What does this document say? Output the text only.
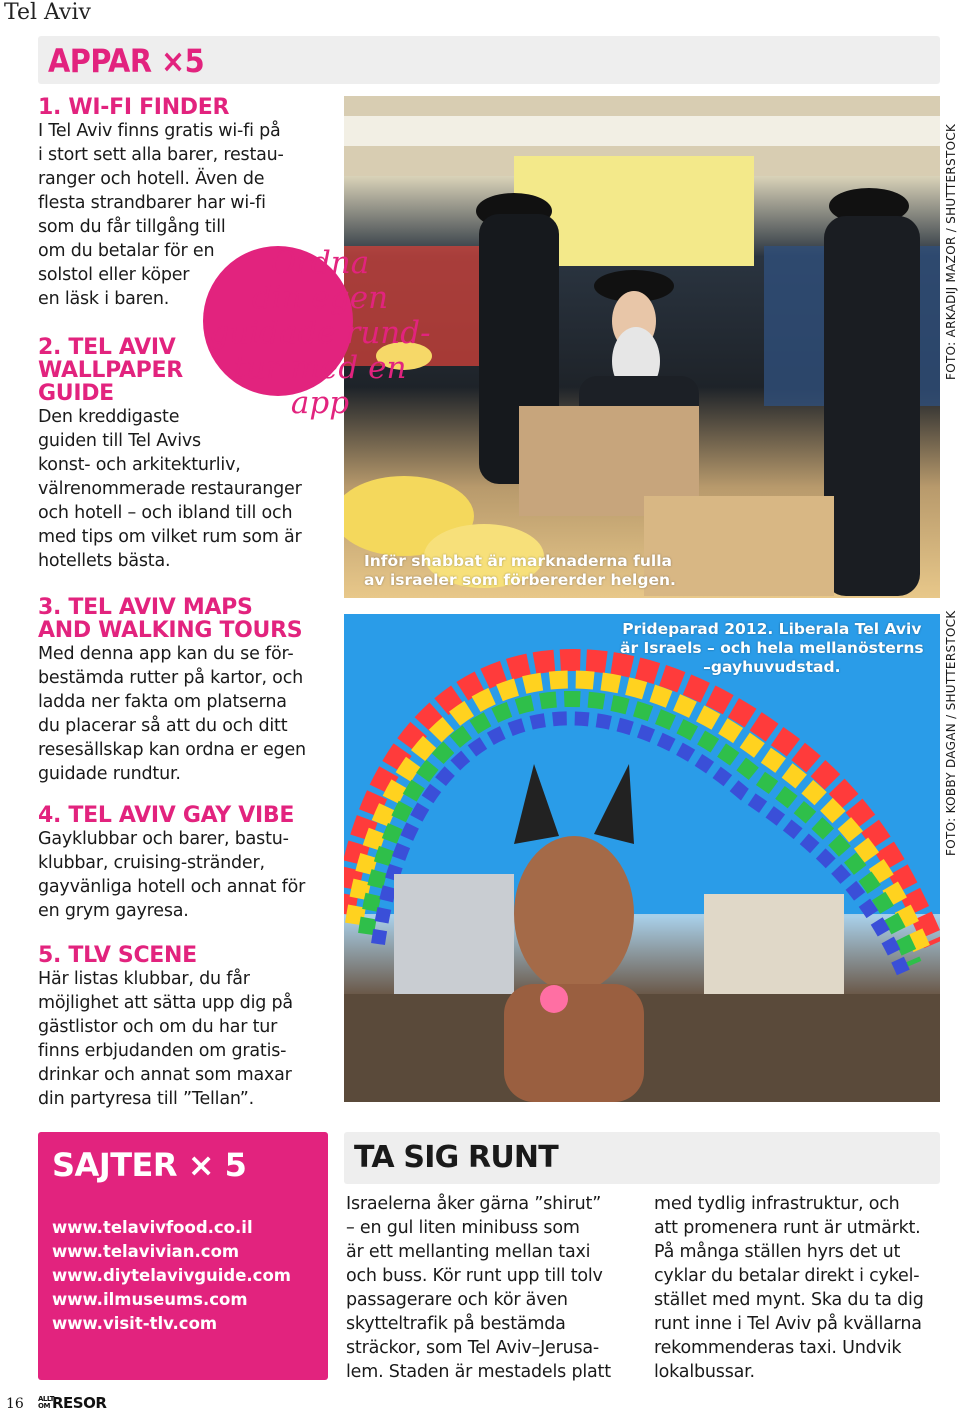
Tel Aviv
APPAR ×5
1. WI-FI FINDER
I Tel Aviv finns gratis wi-fi på
i stort sett alla barer, restau-
ranger och hotell. Även de
flesta strandbarer har wi-fi
som du får tillgång till
om du betalar för en
solstol eller köper
en läsk i baren.
2. TEL AVIV
WALLPAPER
GUIDE
Den kreddigaste
guiden till Tel Avivs
konst- och arkitekturliv,
välrenommerade restauranger
och hotell – och ibland till och
med tips om vilket rum som är
hotellets bästa.
3. TEL AVIV MAPS
AND WALKING TOURS
Med denna app kan du se för-
bestämda rutter på kartor, och
ladda ner fakta om platserna
du placerar så att du och ditt
resesällskap kan ordna er egen
guidade rundtur.
4. TEL AVIV GAY VIBE
Gayklubbar och barer, bastu-
klubbar, cruising-stränder,
gayvänliga hotell och annat för
en grym gayresa.
5. TLV SCENE
Här listas klubbar, du får
möjlighet att sätta upp dig på
gästlistor och om du har tur
finns erbjudanden om gratis-
drinkar och annat som maxar
din partyresa till ”Tellan”.
Inför shabbat är marknaderna fulla
av israeler som förbererder helgen.
FOTO: ARKADIJ MAZOR / SHUTTERSTOCK
Prideparad 2012. Liberala Tel Aviv
är Israels – och hela mellanösterns
–gayhuvudstad.	FOTO: KOBBY DAGAN / SHUTTERSTOCK
Ordna
din egen
guidade rund-
tur med en
app
SAJTER × 5
www.telavivfood.co.il
www.telavivian.com
www.diytelavivguide.com
www.ilmuseums.com
www.visit-tlv.com
TA SIG RUNT
Israelerna åker gärna ”shirut”
– en gul liten minibuss som
är ett mellanting mellan taxi
och buss. Kör runt upp till tolv
passagerare och kör även
skytteltrafik på bestämda
sträckor, som Tel Aviv–Jerusa-
lem. Staden är mestadels platt
med tydlig infrastruktur, och
att promenera runt är utmärkt.
På många ställen hyrs det ut
cyklar du betalar direkt i cykel-
stället med mynt. Ska du ta dig
runt inne i Tel Aviv på kvällarna
rekommenderas taxi. Undvik
lokalbussar.
16 ALLT OM RESOR
